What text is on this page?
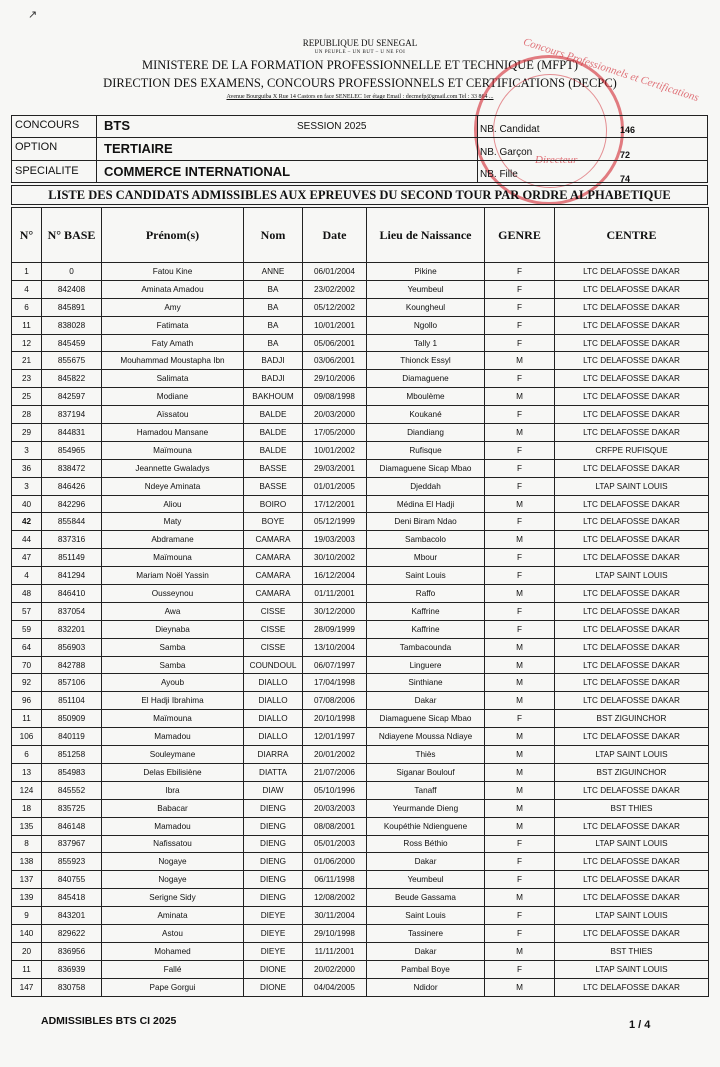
↗
REPUBLIQUE DU SENEGAL
UN PEUPLE – UN BUT – U NE FOI
MINISTERE DE LA FORMATION PROFESSIONNELLE ET TECHNIQUE (MFPT)
DIRECTION DES EXAMENS, CONCOURS PROFESSIONNELS ET CERTIFICATIONS (DECPC)
Avenue Bourguiba X Rue 14 Castors en face SENELEC 1er étage Email : decmefp@gmail.com Tel : 33 864 ...	Concours Professionnels et Certifications
Directeur
CONCOURS BTS	SESSION 2025
OPTION	TERTIAIRE
SPECIALITE COMMERCE INTERNATIONAL
NB. Candidat	146
NB. Garçon	72
NB. Fille	74
LISTE DES CANDIDATS ADMISSIBLES AUX EPREUVES DU SECOND TOUR PAR ORDRE ALPHABETIQUE
N°	N° BASE	Prénom(s)	Nom	Date	Lieu de Naissance	GENRE	CENTRE
1	0	Fatou Kine	ANNE	06/01/2004	Pikine	F	LTC DELAFOSSE DAKAR
4	842408	Aminata Amadou	BA	23/02/2002	Yeumbeul	F	LTC DELAFOSSE DAKAR
6	845891	Amy	BA	05/12/2002	Koungheul	F	LTC DELAFOSSE DAKAR
11	838028	Fatimata	BA	10/01/2001	Ngollo	F	LTC DELAFOSSE DAKAR
12	845459	Faty Amath	BA	05/06/2001	Tally 1	F	LTC DELAFOSSE DAKAR
21	855675	Mouhammad Moustapha Ibn	BADJI	03/06/2001	Thionck Essyl	M	LTC DELAFOSSE DAKAR
23	845822	Salimata	BADJI	29/10/2006	Diamaguene	F	LTC DELAFOSSE DAKAR
25	842597	Modiane	BAKHOUM	09/08/1998	Mboulème	M	LTC DELAFOSSE DAKAR
28	837194	Aïssatou	BALDE	20/03/2000	Koukané	F	LTC DELAFOSSE DAKAR
29	844831	Hamadou Mansane	BALDE	17/05/2000	Diandiang	M	LTC DELAFOSSE DAKAR
3	854965	Maïmouna	BALDE	10/01/2002	Rufisque	F	CRFPE RUFISQUE
36	838472	Jeannette Gwaladys	BASSE	29/03/2001	Diamaguene Sicap Mbao	F	LTC DELAFOSSE DAKAR
3	846426	Ndeye Aminata	BASSE	01/01/2005	Djeddah	F	LTAP SAINT LOUIS
40	842296	Aliou	BOIRO	17/12/2001	Médina El Hadji	M	LTC DELAFOSSE DAKAR
42	855844	Maty	BOYE	05/12/1999	Deni Biram Ndao	F	LTC DELAFOSSE DAKAR
44	837316	Abdramane	CAMARA	19/03/2003	Sambacolo	M	LTC DELAFOSSE DAKAR
47	851149	Maïmouna	CAMARA	30/10/2002	Mbour	F	LTC DELAFOSSE DAKAR
4	841294	Mariam Noël Yassin	CAMARA	16/12/2004	Saint Louis	F	LTAP SAINT LOUIS
48	846410	Ousseynou	CAMARA	01/11/2001	Raffo	M	LTC DELAFOSSE DAKAR
57	837054	Awa	CISSE	30/12/2000	Kaffrine	F	LTC DELAFOSSE DAKAR
59	832201	Dieynaba	CISSE	28/09/1999	Kaffrine	F	LTC DELAFOSSE DAKAR
64	856903	Samba	CISSE	13/10/2004	Tambacounda	M	LTC DELAFOSSE DAKAR
70	842788	Samba	COUNDOUL	06/07/1997	Linguere	M	LTC DELAFOSSE DAKAR
92	857106	Ayoub	DIALLO	17/04/1998	Sinthiane	M	LTC DELAFOSSE DAKAR
96	851104	El Hadji Ibrahima	DIALLO	07/08/2006	Dakar	M	LTC DELAFOSSE DAKAR
11	850909	Maïmouna	DIALLO	20/10/1998	Diamaguene Sicap Mbao	F	BST ZIGUINCHOR
106	840119	Mamadou	DIALLO	12/01/1997	Ndiayene Moussa Ndiaye	M	LTC DELAFOSSE DAKAR
6	851258	Souleymane	DIARRA	20/01/2002	Thiès	M	LTAP SAINT LOUIS
13	854983	Delas Ebilisiène	DIATTA	21/07/2006	Siganar Boulouf	M	BST ZIGUINCHOR
124	845552	Ibra	DIAW	05/10/1996	Tanaff	M	LTC DELAFOSSE DAKAR
18	835725	Babacar	DIENG	20/03/2003	Yeurmande Dieng	M	BST THIES
135	846148	Mamadou	DIENG	08/08/2001	Koupéthie Ndienguene	M	LTC DELAFOSSE DAKAR
8	837967	Nafissatou	DIENG	05/01/2003	Ross Béthio	F	LTAP SAINT LOUIS
138	855923	Nogaye	DIENG	01/06/2000	Dakar	F	LTC DELAFOSSE DAKAR
137	840755	Nogaye	DIENG	06/11/1998	Yeumbeul	F	LTC DELAFOSSE DAKAR
139	845418	Serigne Sidy	DIENG	12/08/2002	Beude Gassama	M	LTC DELAFOSSE DAKAR
9	843201	Aminata	DIEYE	30/11/2004	Saint Louis	F	LTAP SAINT LOUIS
140	829622	Astou	DIEYE	29/10/1998	Tassinere	F	LTC DELAFOSSE DAKAR
20	836956	Mohamed	DIEYE	11/11/2001	Dakar	M	BST THIES
11	836939	Fallé	DIONE	20/02/2000	Pambal Boye	F	LTAP SAINT LOUIS
147	830758	Pape Gorgui	DIONE	04/04/2005	Ndidor	M	LTC DELAFOSSE DAKAR
ADMISSIBLES BTS CI 2025	1 / 4
